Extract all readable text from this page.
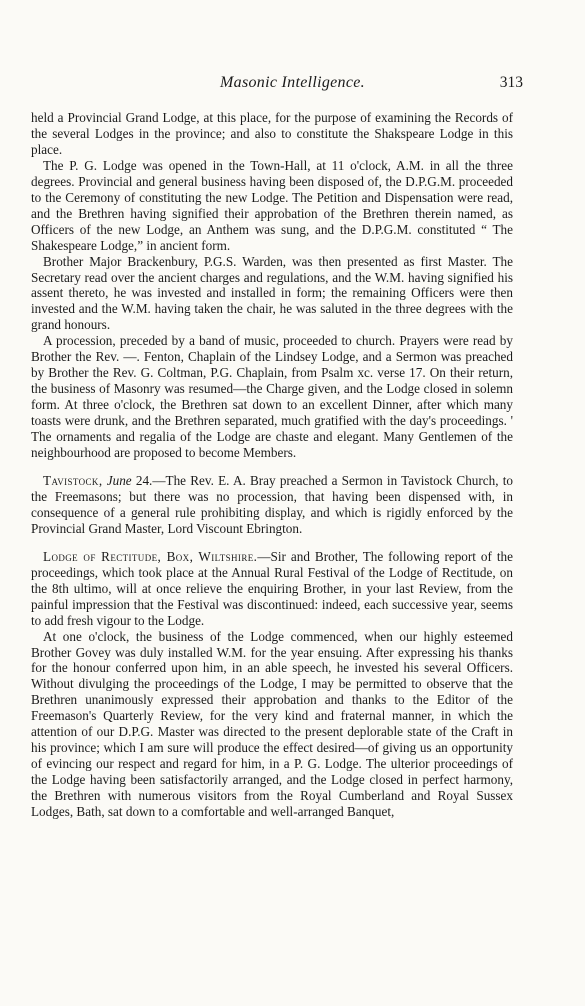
Masonic Intelligence.	313

held a Provincial Grand Lodge, at this place, for the purpose of examining the Records of the several Lodges in the province; and also to constitute the Shakspeare Lodge in this place.

The P. G. Lodge was opened in the Town-Hall, at 11 o'clock, A.M. in all the three degrees. Provincial and general business having been disposed of, the D.P.G.M. proceeded to the Ceremony of constituting the new Lodge. The Petition and Dispensation were read, and the Brethren having signified their approbation of the Brethren therein named, as Officers of the new Lodge, an Anthem was sung, and the D.P.G.M. constituted “ The Shakespeare Lodge,” in ancient form.

Brother Major Brackenbury, P.G.S. Warden, was then presented as first Master. The Secretary read over the ancient charges and regulations, and the W.M. having signified his assent thereto, he was invested and installed in form; the remaining Officers were then invested and the W.M. having taken the chair, he was saluted in the three degrees with the grand honours.

A procession, preceded by a band of music, proceeded to church. Prayers were read by Brother the Rev. —. Fenton, Chaplain of the Lindsey Lodge, and a Sermon was preached by Brother the Rev. G. Coltman, P.G. Chaplain, from Psalm xc. verse 17. On their return, the business of Masonry was resumed—the Charge given, and the Lodge closed in solemn form. At three o'clock, the Brethren sat down to an excellent Dinner, after which many toasts were drunk, and the Brethren separated, much gratified with the day's proceedings. ' The ornaments and regalia of the Lodge are chaste and elegant. Many Gentlemen of the neighbourhood are proposed to become Members.

Tavistock, June 24.—The Rev. E. A. Bray preached a Sermon in Tavistock Church, to the Freemasons; but there was no procession, that having been dispensed with, in consequence of a general rule prohibiting display, and which is rigidly enforced by the Provincial Grand Master, Lord Viscount Ebrington.

Lodge of Rectitude, Box, Wiltshire.—Sir and Brother, The following report of the proceedings, which took place at the Annual Rural Festival of the Lodge of Rectitude, on the 8th ultimo, will at once relieve the enquiring Brother, in your last Review, from the painful impression that the Festival was discontinued: indeed, each successive year, seems to add fresh vigour to the Lodge.

At one o'clock, the business of the Lodge commenced, when our highly esteemed Brother Govey was duly installed W.M. for the year ensuing. After expressing his thanks for the honour conferred upon him, in an able speech, he invested his several Officers. Without divulging the proceedings of the Lodge, I may be permitted to observe that the Brethren unanimously expressed their approbation and thanks to the Editor of the Freemason's Quarterly Review, for the very kind and fraternal manner, in which the attention of our D.P.G. Master was directed to the present deplorable state of the Craft in his province; which I am sure will produce the effect desired—of giving us an opportunity of evincing our respect and regard for him, in a P. G. Lodge. The ulterior proceedings of the Lodge having been satisfactorily arranged, and the Lodge closed in perfect harmony, the Brethren with numerous visitors from the Royal Cumberland and Royal Sussex Lodges, Bath, sat down to a comfortable and well-arranged Banquet,
